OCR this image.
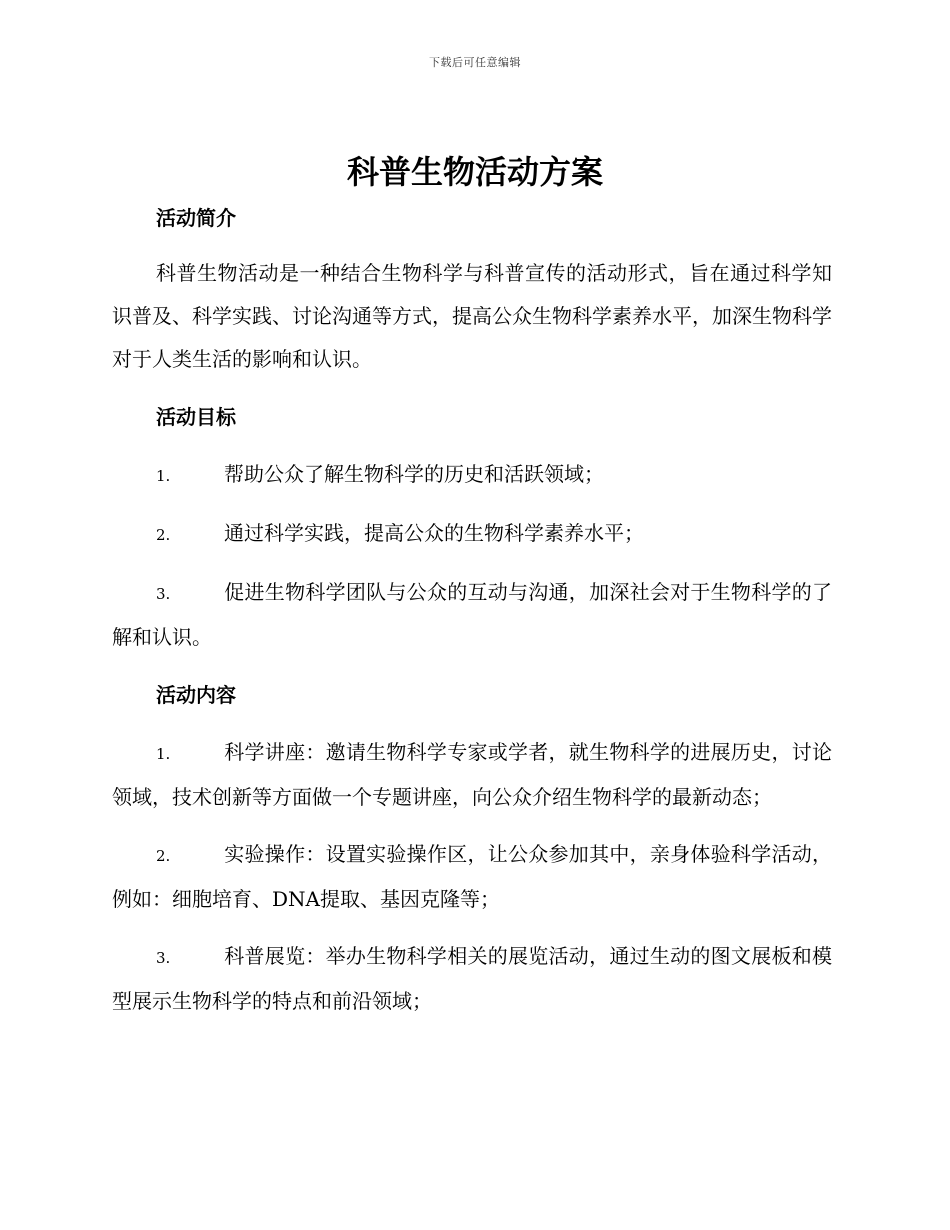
下载后可任意编辑
科普生物活动方案
活动简介

科普生物活动是一种结合生物科学与科普宣传的活动形式，旨在通过科学知识普及、科学实践、讨论沟通等方式，提高公众生物科学素养水平，加深生物科学对于人类生活的影响和认识。

活动目标

1.	帮助公众了解生物科学的历史和活跃领域；

2.	通过科学实践，提高公众的生物科学素养水平；

3.	促进生物科学团队与公众的互动与沟通，加深社会对于生物科学的了解和认识。

活动内容

1.	科学讲座：邀请生物科学专家或学者，就生物科学的进展历史，讨论领域，技术创新等方面做一个专题讲座，向公众介绍生物科学的最新动态；

2.	实验操作：设置实验操作区，让公众参加其中，亲身体验科学活动，例如：细胞培育、DNA提取、基因克隆等；

3.	科普展览：举办生物科学相关的展览活动，通过生动的图文展板和模型展示生物科学的特点和前沿领域；
